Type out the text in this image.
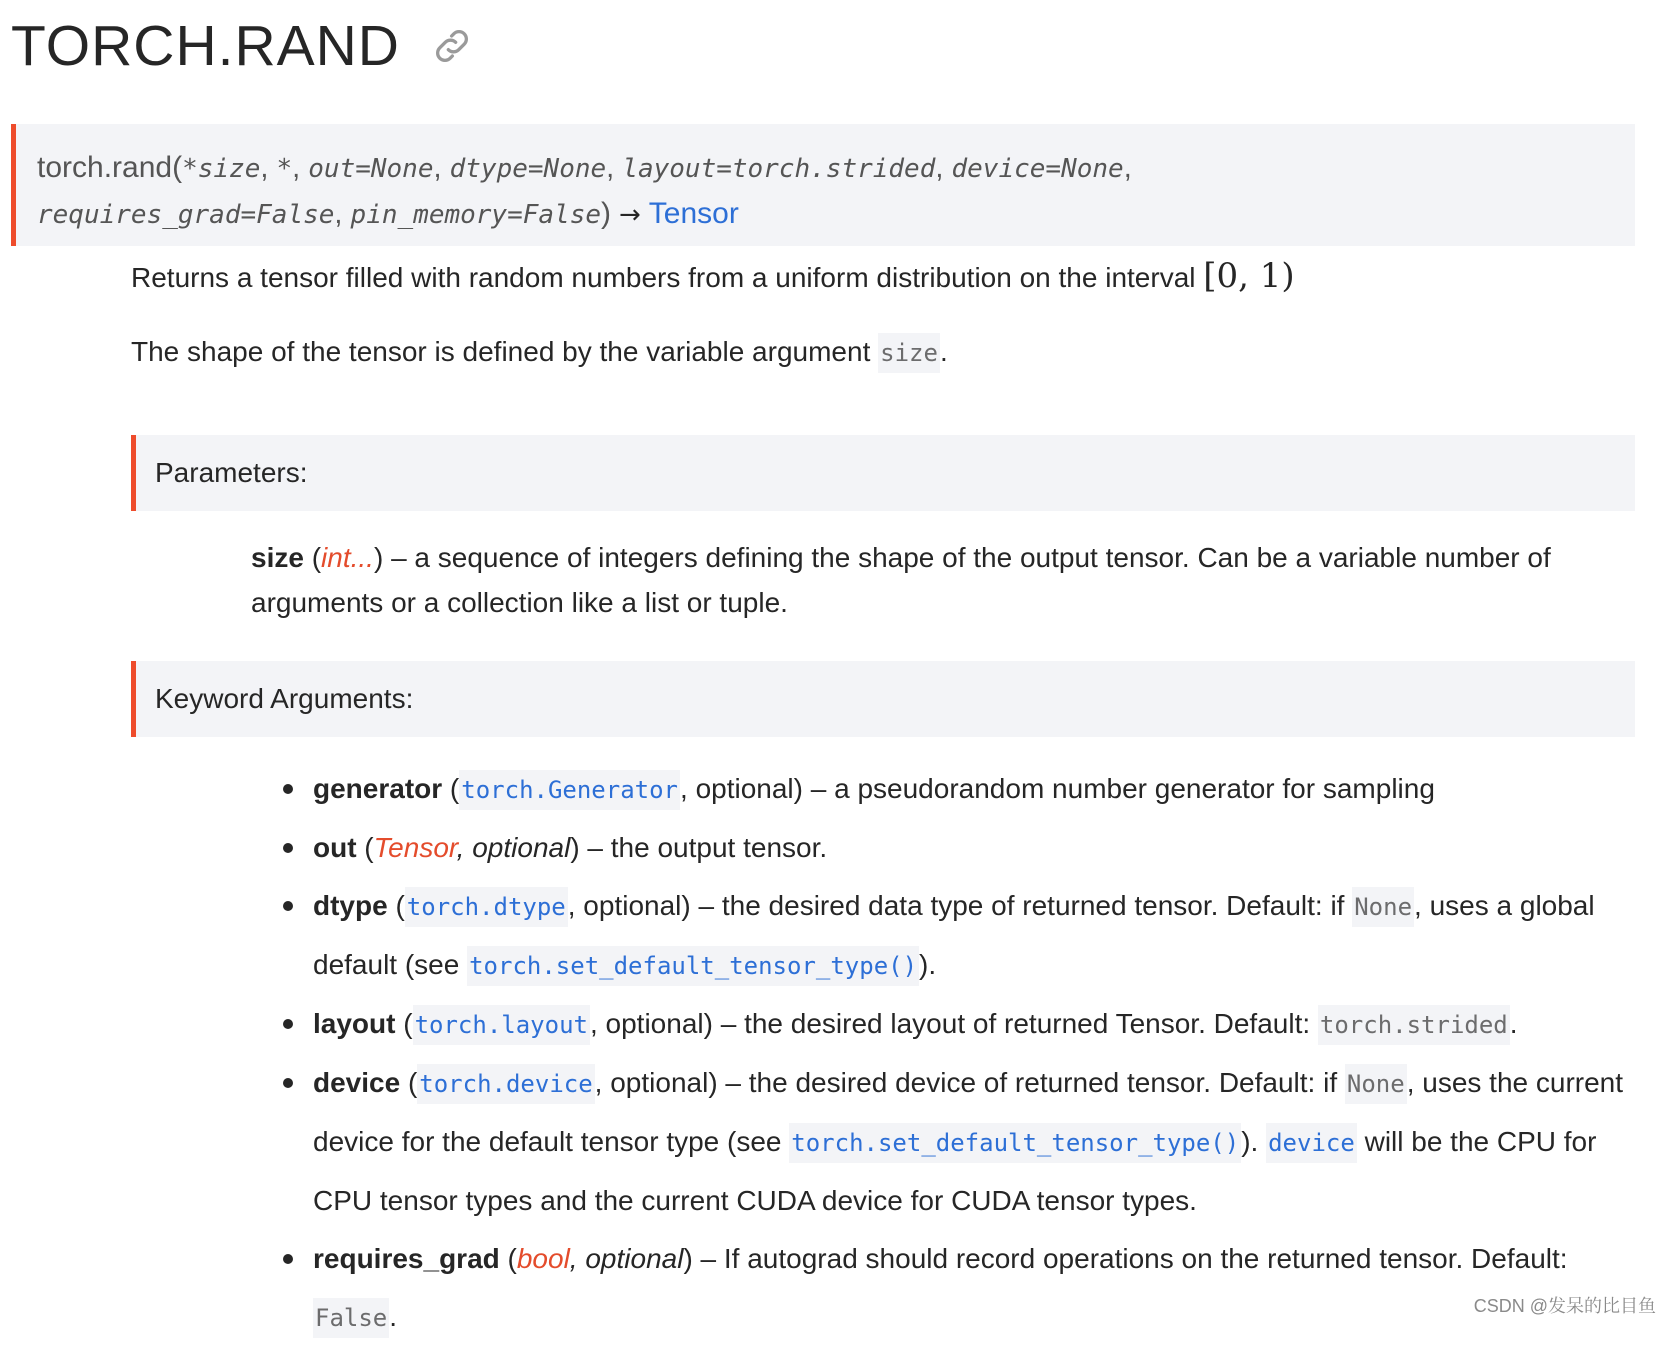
TORCH.RAND
torch.rand(*size, *, out=None, dtype=None, layout=torch.strided, device=None,
requires_grad=False, pin_memory=False) → Tensor
Returns a tensor filled with random numbers from a uniform distribution on the interval [0, 1)
The shape of the tensor is defined by the variable argument size.
Parameters:
size (int...) – a sequence of integers defining the shape of the output tensor. Can be a variable number of arguments or a collection like a list or tuple.
Keyword Arguments:
generator (torch.Generator, optional) – a pseudorandom number generator for sampling
out (Tensor, optional) – the output tensor.
dtype (torch.dtype, optional) – the desired data type of returned tensor. Default: if None, uses a global default (see torch.set_default_tensor_type()).
layout (torch.layout, optional) – the desired layout of returned Tensor. Default: torch.strided.
device (torch.device, optional) – the desired device of returned tensor. Default: if None, uses the current device for the default tensor type (see torch.set_default_tensor_type()). device will be the CPU for CPU tensor types and the current CUDA device for CUDA tensor types.
requires_grad (bool, optional) – If autograd should record operations on the returned tensor. Default: False.	CSDN @发呆的比目鱼
